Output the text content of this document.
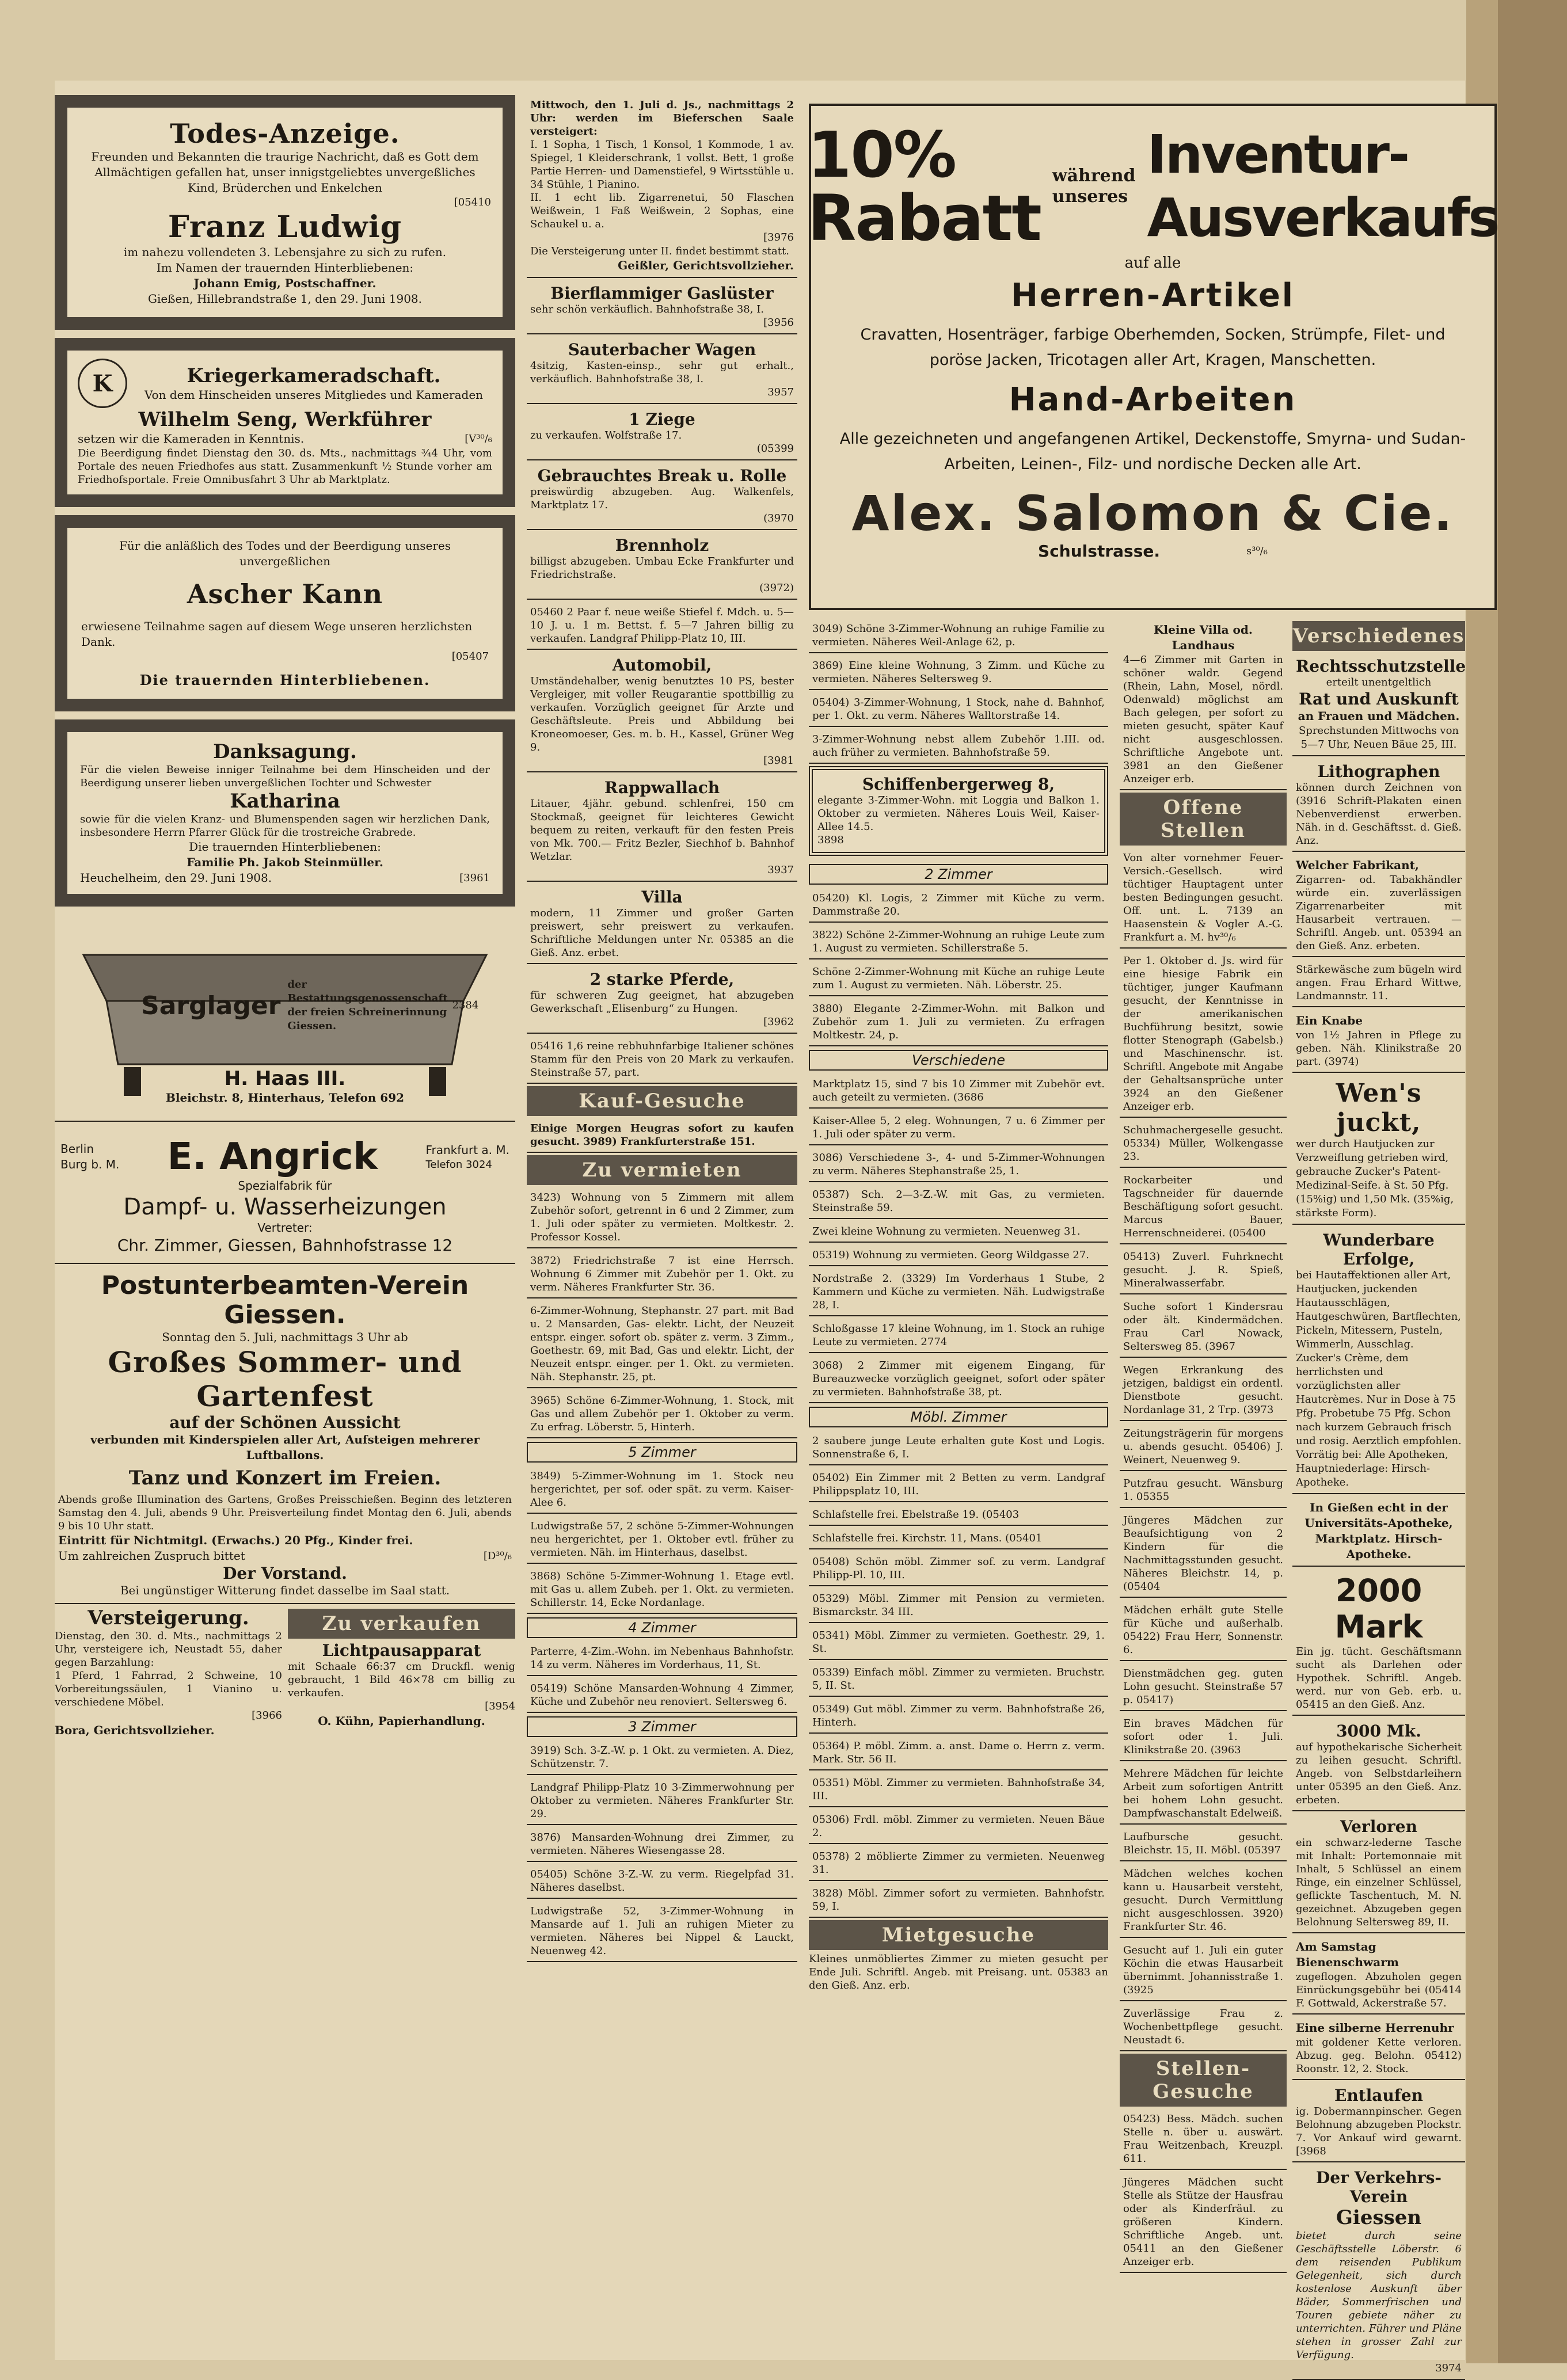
Todes-Anzeige.

Freunden und Bekannten die traurige Nachricht, daß es Gott dem Allmächtigen gefallen hat, unser innigstgeliebtes unvergeßliches Kind, Brüderchen und Enkelchen

[05410

Franz Ludwig

im nahezu vollendeten 3. Lebensjahre zu sich zu rufen.

Im Namen der trauernden Hinterbliebenen:

Johann Emig, Postschaffner.

Gießen, Hillebrandstraße 1, den 29. Juni 1908.

K	Kriegerkameradschaft.

Von dem Hinscheiden unseres Mitgliedes und Kameraden

Wilhelm Seng, Werkführer

setzen wir die Kameraden in Kenntnis.	[V³⁰/₆

Die Beerdigung findet Dienstag den 30. ds. Mts., nachmittags ¾4 Uhr, vom Portale des neuen Friedhofes aus statt. Zusammenkunft ½ Stunde vorher am Friedhofsportale. Freie Omnibusfahrt 3 Uhr ab Marktplatz.

Für die anläßlich des Todes und der Beerdigung unseres unvergeßlichen

Ascher Kann

erwiesene Teilnahme sagen auf diesem Wege unseren herzlichsten Dank.

[05407

Die trauernden Hinterbliebenen.

Danksagung.

Für die vielen Beweise inniger Teilnahme bei dem Hinscheiden und der Beerdigung unserer lieben unvergeßlichen Tochter und Schwester

Katharina

sowie für die vielen Kranz- und Blumenspenden sagen wir herzlichen Dank, insbesondere Herrn Pfarrer Glück für die trostreiche Grabrede.

Die trauernden Hinterbliebenen:

Familie Ph. Jakob Steinmüller.

Heuchelheim, den 29. Juni 1908.	[3961

Sarglager
der Bestattungsgenossenschaft der freien Schreinerinnung Giessen.
2384
H. Haas III.
Bleichstr. 8, Hinterhaus, Telefon 692
Berlin
Burg b. M. E. Angrick	Frankfurt a. M.
Telefon 3024
Spezialfabrik für
Dampf- u. Wasserheizungen
Vertreter:
Chr. Zimmer, Giessen, Bahnhofstrasse 12
Postunterbeamten-Verein Giessen.
Sonntag den 5. Juli, nachmittags 3 Uhr ab
Großes Sommer- und Gartenfest
auf der Schönen Aussicht
verbunden mit Kinderspielen aller Art, Aufsteigen mehrerer Luftballons.
Tanz und Konzert im Freien.

Abends große Illumination des Gartens, Großes Preisschießen. Beginn des letzteren Samstag den 4. Juli, abends 9 Uhr. Preisverteilung findet Montag den 6. Juli, abends 9 bis 10 Uhr statt.

Eintritt für Nichtmitgl. (Erwachs.) 20 Pfg., Kinder frei.

Um zahlreichen Zuspruch bittet	[D³⁰/₆

Der Vorstand.

Bei ungünstiger Witterung findet dasselbe im Saal statt.

Versteigerung.

Dienstag, den 30. d. Mts., nachmittags 2 Uhr, versteigere ich, Neustadt 55, daher gegen Barzahlung:

1 Pferd, 1 Fahrrad, 2 Schweine, 10 Vorbereitungssäulen, 1 Vianino u. verschiedene Möbel.

[3966

Bora, Gerichtsvollzieher.

Zu verkaufen
Lichtpausapparat

mit Schaale 66:37 cm Druckfl. wenig gebraucht, 1 Bild 46×78 cm billig zu verkaufen.

[3954

O. Kühn, Papierhandlung.

Mittwoch, den 1. Juli d. Js., nachmittags 2 Uhr: werden im Bieferschen Saale versteigert:

I. 1 Sopha, 1 Tisch, 1 Konsol, 1 Kommode, 1 av. Spiegel, 1 Kleiderschrank, 1 vollst. Bett, 1 große Partie Herren- und Damenstiefel, 9 Wirtsstühle u. 34 Stühle, 1 Pianino.

II. 1 echt lib. Zigarrenetui, 50 Flaschen Weißwein, 1 Faß Weißwein, 2 Sophas, eine Schaukel u. a.

[3976

Die Versteigerung unter II. findet bestimmt statt.

Geißler, Gerichtsvollzieher.

Bierflammiger Gaslüster

sehr schön verkäuflich. Bahnhofstraße 38, I.

[3956

Sauterbacher Wagen

4sitzig, Kasten-einsp., sehr gut erhalt., verkäuflich. Bahnhofstraße 38, I.

3957

1 Ziege

zu verkaufen. Wolfstraße 17.

(05399

Gebrauchtes Break u. Rolle

preiswürdig abzugeben. Aug. Walkenfels, Marktplatz 17.

(3970

Brennholz

billigst abzugeben. Umbau Ecke Frankfurter und Friedrichstraße.

(3972)

05460 2 Paar f. neue weiße Stiefel f. Mdch. u. 5—10 J. u. 1 m. Bettst. f. 5—7 Jahren billig zu verkaufen. Landgraf Philipp-Platz 10, III.

Automobil,

Umständehalber, wenig benutztes 10 PS, bester Vergleiger, mit voller Reugarantie spottbillig zu verkaufen. Vorzüglich geeignet für Arzte und Geschäftsleute. Preis und Abbildung bei Kroneomoeser, Ges. m. b. H., Kassel, Grüner Weg 9.

[3981

Rappwallach

Litauer, 4jähr. gebund. schlenfrei, 150 cm Stockmaß, geeignet für leichteres Gewicht bequem zu reiten, verkauft für den festen Preis von Mk. 700.— Fritz Bezler, Siechhof b. Bahnhof Wetzlar.

3937

Villa

modern, 11 Zimmer und großer Garten preiswert, sehr preiswert zu verkaufen. Schriftliche Meldungen unter Nr. 05385 an die Gieß. Anz. erbet.

2 starke Pferde,

für schweren Zug geeignet, hat abzugeben Gewerkschaft „Elisenburg“ zu Hungen.

[3962

05416 1,6 reine rebhuhnfarbige Italiener schönes Stamm für den Preis von 20 Mark zu verkaufen. Steinstraße 57, part.

Kauf-Gesuche

Einige Morgen Heugras sofort zu kaufen gesucht. 3989) Frankfurterstraße 151.

Zu vermieten

3423) Wohnung von 5 Zimmern mit allem Zubehör sofort, getrennt in 6 und 2 Zimmer, zum 1. Juli oder später zu vermieten. Moltkestr. 2. Professor Kossel.

3872) Friedrichstraße 7 ist eine Herrsch. Wohnung 6 Zimmer mit Zubehör per 1. Okt. zu verm. Näheres Frankfurter Str. 36.

6-Zimmer-Wohnung, Stephanstr. 27 part. mit Bad u. 2 Mansarden, Gas- elektr. Licht, der Neuzeit entspr. einger. sofort ob. später z. verm. 3 Zimm., Goethestr. 69, mit Bad, Gas und elektr. Licht, der Neuzeit entspr. einger. per 1. Okt. zu vermieten. Näh. Stephanstr. 25, pt.

3965) Schöne 6-Zimmer-Wohnung, 1. Stock, mit Gas und allem Zubehör per 1. Oktober zu verm. Zu erfrag. Löberstr. 5, Hinterh.

5 Zimmer

3849) 5-Zimmer-Wohnung im 1. Stock neu hergerichtet, per sof. oder spät. zu verm. Kaiser-Alee 6.

Ludwigstraße 57, 2 schöne 5-Zimmer-Wohnungen neu hergerichtet, per 1. Oktober evtl. früher zu vermieten. Näh. im Hinterhaus, daselbst.

3868) Schöne 5-Zimmer-Wohnung 1. Etage evtl. mit Gas u. allem Zubeh. per 1. Okt. zu vermieten. Schillerstr. 14, Ecke Nordanlage.

4 Zimmer

Parterre, 4-Zim.-Wohn. im Nebenhaus Bahnhofstr. 14 zu verm. Näheres im Vorderhaus, 11, St.

05419) Schöne Mansarden-Wohnung 4 Zimmer, Küche und Zubehör neu renoviert. Seltersweg 6.

3 Zimmer

3919) Sch. 3-Z.-W. p. 1 Okt. zu vermieten. A. Diez, Schützenstr. 7.

Landgraf Philipp-Platz 10 3-Zimmerwohnung per Oktober zu vermieten. Näheres Frankfurter Str. 29.

3876) Mansarden-Wohnung drei Zimmer, zu vermieten. Näheres Wiesengasse 28.

05405) Schöne 3-Z.-W. zu verm. Riegelpfad 31. Näheres daselbst.

Ludwigstraße 52, 3-Zimmer-Wohnung in Mansarde auf 1. Juli an ruhigen Mieter zu vermieten. Näheres bei Nippel & Lauckt, Neuenweg 42.

10% Rabatt
während
unseres
Inventur-Ausverkaufs
auf alle
Herren-Artikel

Cravatten, Hosenträger, farbige Oberhemden, Socken, Strümpfe, Filet- und poröse Jacken, Tricotagen aller Art, Kragen, Manschetten.

Hand-Arbeiten

Alle gezeichneten und angefangenen Artikel, Deckenstoffe, Smyrna- und Sudan-Arbeiten, Leinen-, Filz- und nordische Decken alle Art.

Alex. Salomon & Cie.
Schulstrasse.	s³⁰/₆

3049) Schöne 3-Zimmer-Wohnung an ruhige Familie zu vermieten. Näheres Weil-Anlage 62, p.

3869) Eine kleine Wohnung, 3 Zimm. und Küche zu vermieten. Näheres Seltersweg 9.

05404) 3-Zimmer-Wohnung, 1 Stock, nahe d. Bahnhof, per 1. Okt. zu verm. Näheres Walltorstraße 14.

3-Zimmer-Wohnung nebst allem Zubehör 1.III. od. auch früher zu vermieten. Bahnhofstraße 59.

Schiffenbergerweg 8,

elegante 3-Zimmer-Wohn. mit Loggia und Balkon 1. Oktober zu vermieten. Näheres Louis Weil, Kaiser-Allee 14.5.

3898

2 Zimmer

05420) Kl. Logis, 2 Zimmer mit Küche zu verm. Dammstraße 20.

3822) Schöne 2-Zimmer-Wohnung an ruhige Leute zum 1. August zu vermieten. Schillerstraße 5.

Schöne 2-Zimmer-Wohnung mit Küche an ruhige Leute zum 1. August zu vermieten. Näh. Löberstr. 25.

3880) Elegante 2-Zimmer-Wohn. mit Balkon und Zubehör zum 1. Juli zu vermieten. Zu erfragen Moltkestr. 24, p.

Verschiedene

Marktplatz 15, sind 7 bis 10 Zimmer mit Zubehör evt. auch geteilt zu vermieten. (3686

Kaiser-Allee 5, 2 eleg. Wohnungen, 7 u. 6 Zimmer per 1. Juli oder später zu verm.

3086) Verschiedene 3-, 4- und 5-Zimmer-Wohnungen zu verm. Näheres Stephanstraße 25, 1.

05387) Sch. 2—3-Z.-W. mit Gas, zu vermieten. Steinstraße 59.

Zwei kleine Wohnung zu vermieten. Neuenweg 31.

05319) Wohnung zu vermieten. Georg Wildgasse 27.

Nordstraße 2. (3329) Im Vorderhaus 1 Stube, 2 Kammern und Küche zu vermieten. Näh. Ludwigstraße 28, I.

Schloßgasse 17 kleine Wohnung, im 1. Stock an ruhige Leute zu vermieten. 2774

3068) 2 Zimmer mit eigenem Eingang, für Bureauzwecke vorzüglich geeignet, sofort oder später zu vermieten. Bahnhofstraße 38, pt.

Möbl. Zimmer

2 saubere junge Leute erhalten gute Kost und Logis. Sonnenstraße 6, I.

05402) Ein Zimmer mit 2 Betten zu verm. Landgraf Philippsplatz 10, III.

Schlafstelle frei. Ebelstraße 19. (05403

Schlafstelle frei. Kirchstr. 11, Mans. (05401

05408) Schön möbl. Zimmer sof. zu verm. Landgraf Philipp-Pl. 10, III.

05329) Möbl. Zimmer mit Pension zu vermieten. Bismarckstr. 34 III.

05341) Möbl. Zimmer zu vermieten. Goethestr. 29, 1. St.

05339) Einfach möbl. Zimmer zu vermieten. Bruchstr. 5, II. St.

05349) Gut möbl. Zimmer zu verm. Bahnhofstraße 26, Hinterh.

05364) P. möbl. Zimm. a. anst. Dame o. Herrn z. verm. Mark. Str. 56 II.

05351) Möbl. Zimmer zu vermieten. Bahnhofstraße 34, III.

05306) Frdl. möbl. Zimmer zu vermieten. Neuen Bäue 2.

05378) 2 möblierte Zimmer zu vermieten. Neuenweg 31.

3828) Möbl. Zimmer sofort zu vermieten. Bahnhofstr. 59, I.

Mietgesuche

Kleines unmöbliertes Zimmer zu mieten gesucht per Ende Juli. Schriftl. Angeb. mit Preisang. unt. 05383 an den Gieß. Anz. erb.

Kleine Villa od. Landhaus

4—6 Zimmer mit Garten in schöner waldr. Gegend (Rhein, Lahn, Mosel, nördl. Odenwald) möglichst am Bach gelegen, per sofort zu mieten gesucht, später Kauf nicht ausgeschlossen. Schriftliche Angebote unt. 3981 an den Gießener Anzeiger erb.

Offene Stellen

Von alter vornehmer Feuer-Versich.-Gesellsch. wird tüchtiger Hauptagent unter besten Bedingungen gesucht. Off. unt. L. 7139 an Haasenstein & Vogler A.-G. Frankfurt a. M. hv³⁰/₆

Per 1. Oktober d. Js. wird für eine hiesige Fabrik ein tüchtiger, junger Kaufmann gesucht, der Kenntnisse in der amerikanischen Buchführung besitzt, sowie flotter Stenograph (Gabelsb.) und Maschinenschr. ist. Schriftl. Angebote mit Angabe der Gehaltsansprüche unter 3924 an den Gießener Anzeiger erb.

Schuhmachergeselle gesucht. 05334) Müller, Wolkengasse 23.

Rockarbeiter und Tagschneider für dauernde Beschäftigung sofort gesucht. Marcus Bauer, Herrenschneiderei. (05400

05413) Zuverl. Fuhrknecht gesucht. J. R. Spieß, Mineralwasserfabr.

Suche sofort 1 Kindersrau oder ält. Kindermädchen. Frau Carl Nowack, Seltersweg 85. (3967

Wegen Erkrankung des jetzigen, baldigst ein ordentl. Dienstbote gesucht. Nordanlage 31, 2 Trp. (3973

Zeitungsträgerin für morgens u. abends gesucht. 05406) J. Weinert, Neuenweg 9.

Putzfrau gesucht. Wänsburg 1. 05355

Jüngeres Mädchen zur Beaufsichtigung von 2 Kindern für die Nachmittagsstunden gesucht. Näheres Bleichstr. 14, p. (05404

Mädchen erhält gute Stelle für Küche und außerhalb. 05422) Frau Herr, Sonnenstr. 6.

Dienstmädchen geg. guten Lohn gesucht. Steinstraße 57 p. 05417)

Ein braves Mädchen für sofort oder 1. Juli. Klinikstraße 20. (3963

Mehrere Mädchen für leichte Arbeit zum sofortigen Antritt bei hohem Lohn gesucht. Dampfwaschanstalt Edelweiß.

Laufbursche gesucht. Bleichstr. 15, II. Möbl. (05397

Mädchen welches kochen kann u. Hausarbeit versteht, gesucht. Durch Vermittlung nicht ausgeschlossen. 3920) Frankfurter Str. 46.

Gesucht auf 1. Juli ein guter Köchin die etwas Hausarbeit übernimmt. Johannisstraße 1. (3925

Zuverlässige Frau z. Wochenbettpflege gesucht. Neustadt 6.

Stellen-Gesuche

05423) Bess. Mädch. suchen Stelle n. über u. auswärt. Frau Weitzenbach, Kreuzpl. 611.

Jüngeres Mädchen sucht Stelle als Stütze der Hausfrau oder als Kinderfräul. zu größeren Kindern. Schriftliche Angeb. unt. 05411 an den Gießener Anzeiger erb.

Verschiedenes
Rechtsschutzstelle
erteilt unentgeltlich
Rat und Auskunft
an Frauen und Mädchen.
Sprechstunden Mittwochs von 5—7 Uhr, Neuen Bäue 25, III.
Lithographen

können durch Zeichnen von (3916 Schrift-Plakaten einen Nebenverdienst erwerben. Näh. in d. Geschäftsst. d. Gieß. Anz.

Welcher Fabrikant,

Zigarren- od. Tabakhändler würde ein. zuverlässigen Zigarrenarbeiter mit Hausarbeit vertrauen. — Schriftl. Angeb. unt. 05394 an den Gieß. Anz. erbeten.

Stärkewäsche zum bügeln wird angen. Frau Erhard Wittwe, Landmannstr. 11.

Ein Knabe

von 1½ Jahren in Pflege zu geben. Näh. Klinikstraße 20 part. (3974)

Wen's juckt,

wer durch Hautjucken zur Verzweiflung getrieben wird, gebrauche Zucker's Patent-Medizinal-Seife. à St. 50 Pfg. (15%ig) und 1,50 Mk. (35%ig, stärkste Form).

Wunderbare Erfolge,

bei Hautaffektionen aller Art, Hautjucken, juckenden Hautausschlägen, Hautgeschwüren, Bartflechten, Pickeln, Mitessern, Pusteln, Wimmerln, Ausschlag. Zucker's Crème, dem herrlichsten und vorzüglichsten aller Hautcrèmes. Nur in Dose à 75 Pfg. Probetube 75 Pfg. Schon nach kurzem Gebrauch frisch und rosig. Aerztlich empfohlen. Vorrätig bei: Alle Apotheken, Hauptniederlage: Hirsch-Apotheke.

In Gießen echt in der Universitäts-Apotheke, Marktplatz. Hirsch-Apotheke.

2000 Mark

Ein jg. tücht. Geschäftsmann sucht als Darlehen oder Hypothek. Schriftl. Angeb. werd. nur von Geb. erb. u. 05415 an den Gieß. Anz.

3000 Mk.

auf hypothekarische Sicherheit zu leihen gesucht. Schriftl. Angeb. von Selbstdarleihern unter 05395 an den Gieß. Anz. erbeten.

Verloren

ein schwarz-lederne Tasche mit Inhalt: Portemonnaie mit Inhalt, 5 Schlüssel an einem Ringe, ein einzelner Schlüssel, geflickte Taschentuch, M. N. gezeichnet. Abzugeben gegen Belohnung Seltersweg 89, II.

Am Samstag Bienenschwarm

zugeflogen. Abzuholen gegen Einrückungsgebühr bei (05414 F. Gottwald, Ackerstraße 57.

Eine silberne Herrenuhr

mit goldener Kette verloren. Abzug. geg. Belohn. 05412) Roonstr. 12, 2. Stock.

Entlaufen

ig. Dobermannpinscher. Gegen Belohnung abzugeben Plockstr. 7. Vor Ankauf wird gewarnt. [3968

Der Verkehrs-Verein
Giessen

bietet durch seine Geschäftsstelle Löberstr. 6 dem reisenden Publikum Gelegenheit, sich durch kostenlose Auskunft über Bäder, Sommerfrischen und Touren gebiete näher zu unterrichten. Führer und Pläne stehen in grosser Zahl zur Verfügung.

3974
